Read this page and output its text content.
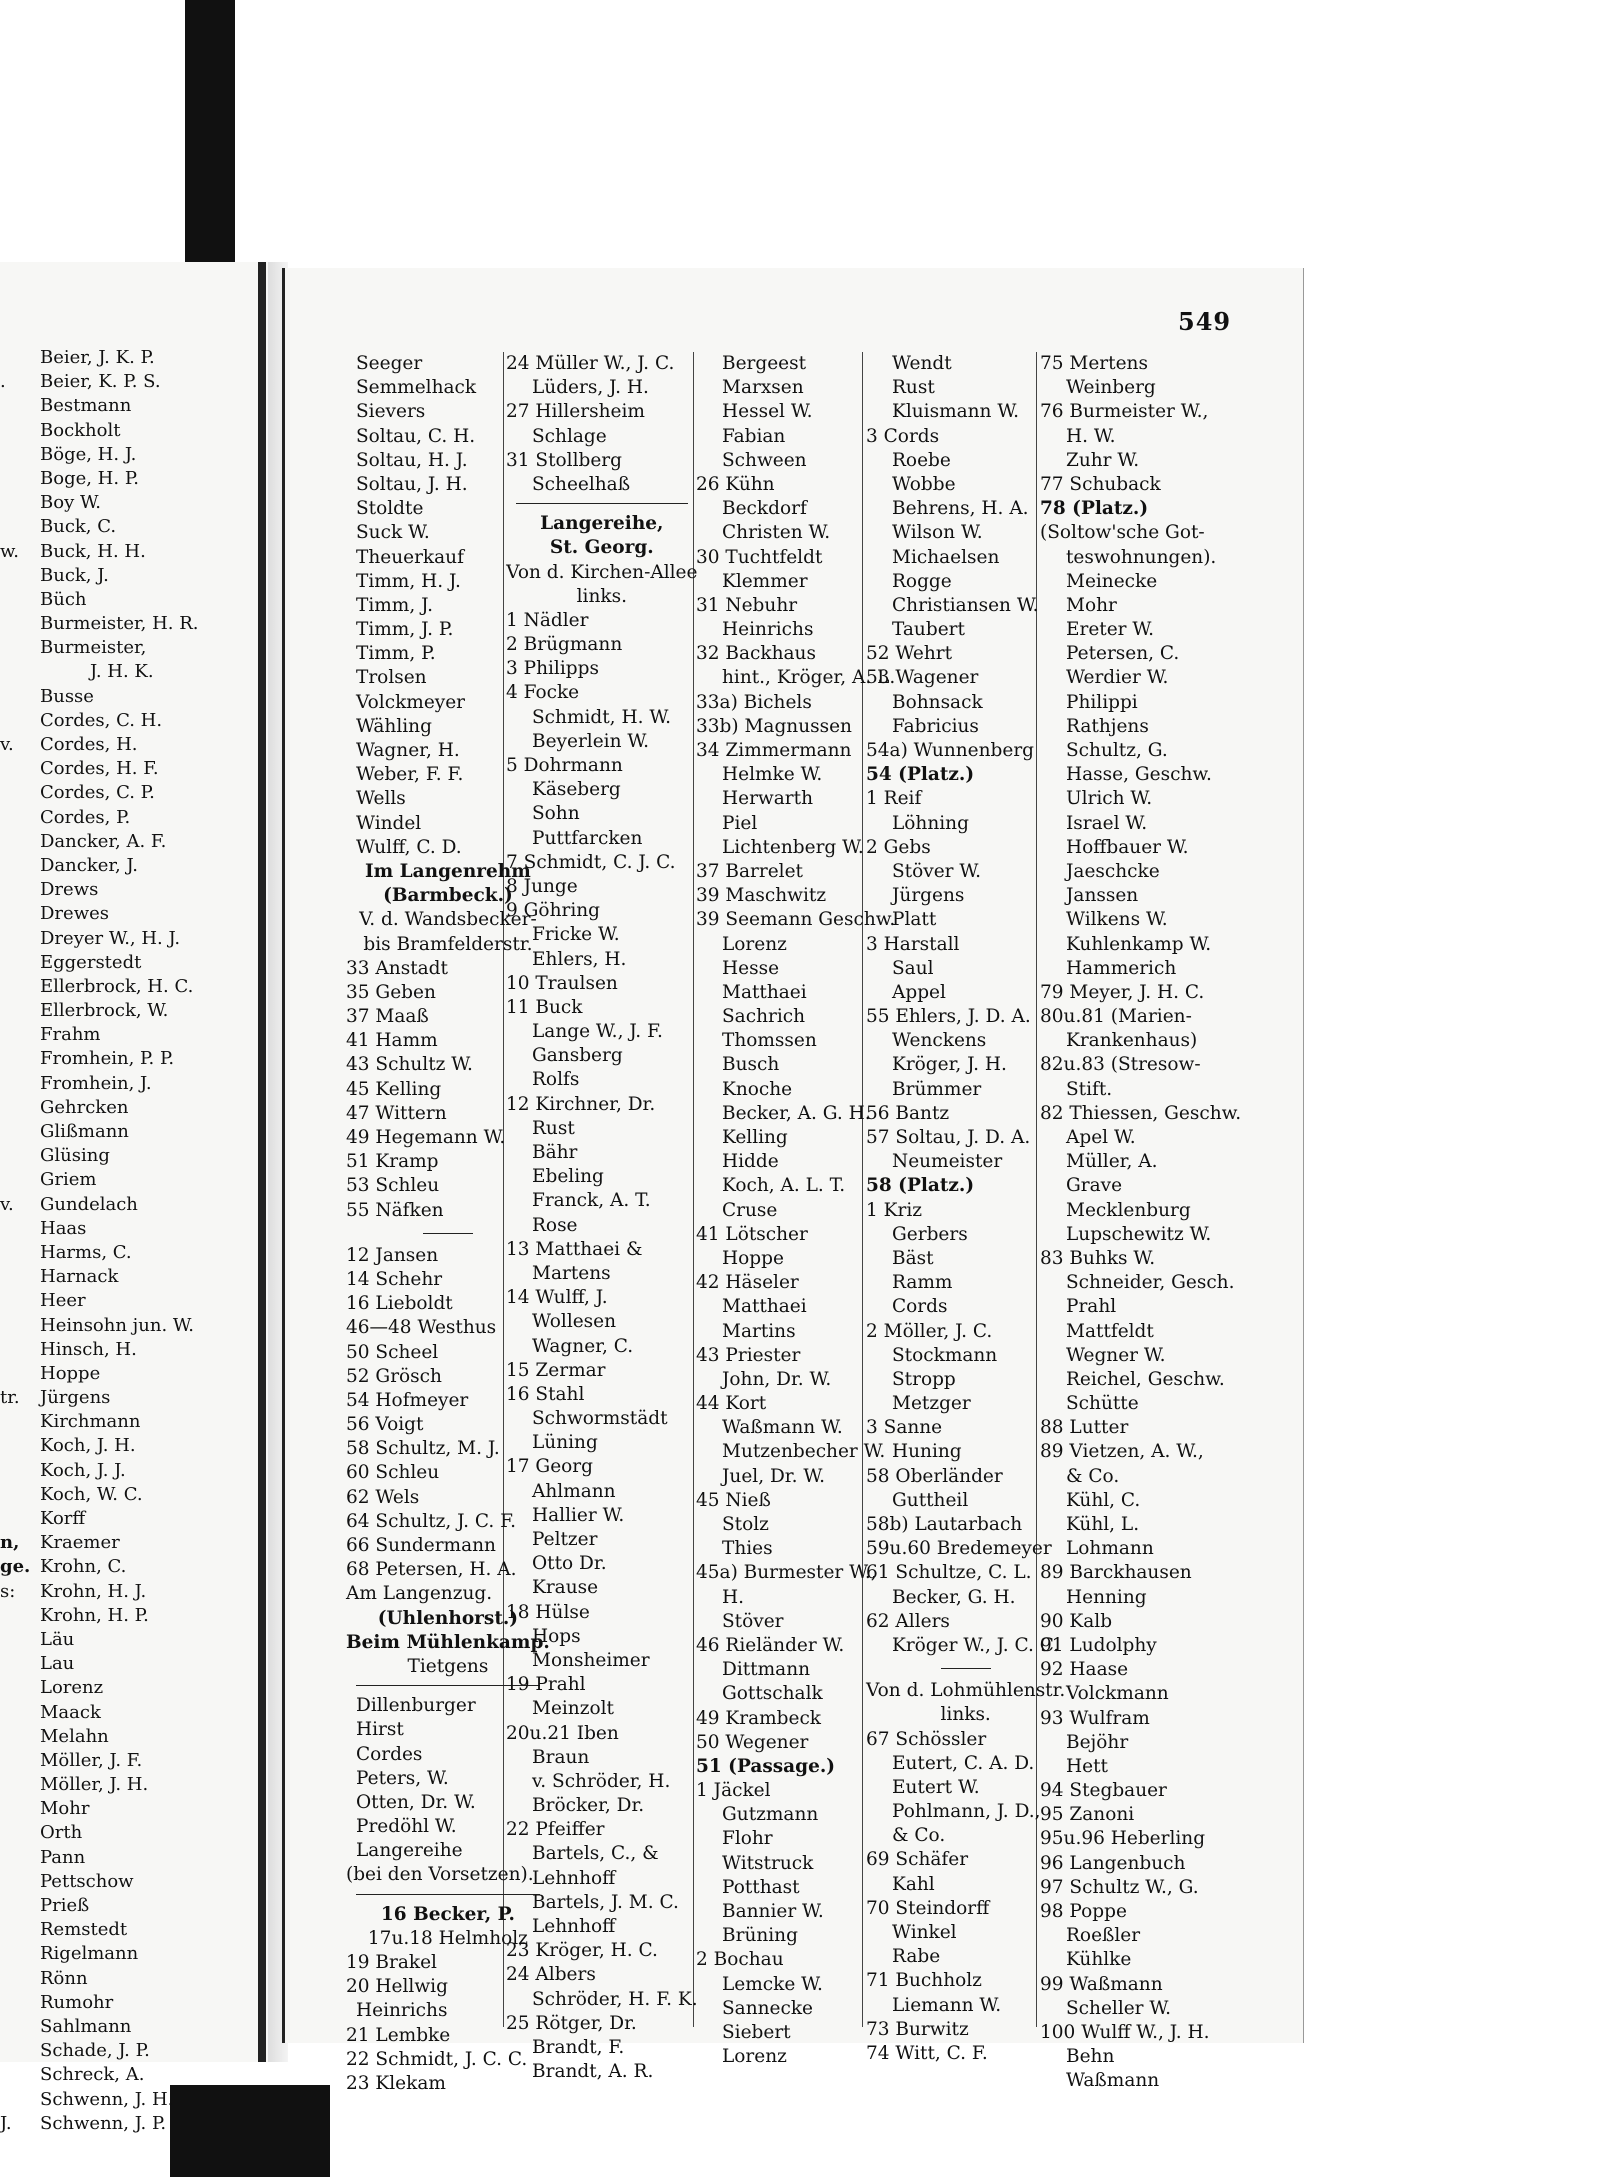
Beier, J. K. P.
Beier, K. P. S.
Bestmann
Bockholt
Böge, H. J.
Boge, H. P.
Boy W.
Buck, C.
Buck, H. H.
Buck, J.
Büch
Burmeister, H. R.
Burmeister,
J. H. K.
Busse
Cordes, C. H.
Cordes, H.
Cordes, H. F.
Cordes, C. P.
Cordes, P.
Dancker, A. F.
Dancker, J.
Drews
Drewes
Dreyer W., H. J.
Eggerstedt
Ellerbrock, H. C.
Ellerbrock, W.
Frahm
Fromhein, P. P.
Fromhein, J.
Gehrcken
Glißmann
Glüsing
Griem
Gundelach
Haas
Harms, C.
Harnack
Heer
Heinsohn jun. W.
Hinsch, H.
Hoppe
Jürgens
Kirchmann
Koch, J. H.
Koch, J. J.
Koch, W. C.
Korff
Kraemer
Krohn, C.
Krohn, H. J.
Krohn, H. P.
Läu
Lau
Lorenz
Maack
Melahn
Möller, J. F.
Möller, J. H.
Mohr
Orth
Pann
Pettschow
Prieß
Remstedt
Rigelmann
Rönn
Rumohr
Sahlmann
Schade, J. P.
Schreck, A.
Schwenn, J. H.
Schwenn, J. P.
.
w.
v.
v.
tr.
n,
ge.
s:
J.
549
Seeger
Semmelhack
Sievers
Soltau, C. H.
Soltau, H. J.
Soltau, J. H.
Stoldte
Suck W.
Theuerkauf
Timm, H. J.
Timm, J.
Timm, J. P.
Timm, P.
Trolsen
Volckmeyer
Wähling
Wagner, H.
Weber, F. F.
Wells
Windel
Wulff, C. D.
Im Langenrehm
(Barmbeck.)
V. d. Wandsbecker-
bis Bramfelderstr.
33 Anstadt
35 Geben
37 Maaß
41 Hamm
43 Schultz W.
45 Kelling
47 Wittern
49 Hegemann W.
51 Kramp
53 Schleu
55 Näfken
12 Jansen
14 Schehr
16 Lieboldt
46—48 Westhus
50 Scheel
52 Grösch
54 Hofmeyer
56 Voigt
58 Schultz, M. J.
60 Schleu
62 Wels
64 Schultz, J. C. F.
66 Sundermann
68 Petersen, H. A.
Am Langenzug.
(Uhlenhorst.)
Beim Mühlenkamp.
Tietgens
Dillenburger
Hirst
Cordes
Peters, W.
Otten, Dr. W.
Predöhl W.
Langereihe
(bei den Vorsetzen).
16 Becker, P.
17u.18 Helmholz
19 Brakel
20 Hellwig
Heinrichs
21 Lembke
22 Schmidt, J. C. C.
23 Klekam
24 Müller W., J. C.
Lüders, J. H.
27 Hillersheim
Schlage
31 Stollberg
Scheelhaß
Langereihe,
St. Georg.
Von d. Kirchen-Allee
links.
1 Nädler
2 Brügmann
3 Philipps
4 Focke
Schmidt, H. W.
Beyerlein W.
5 Dohrmann
Käseberg
Sohn
Puttfarcken
7 Schmidt, C. J. C.
8 Junge
9 Göhring
Fricke W.
Ehlers, H.
10 Traulsen
11 Buck
Lange W., J. F.
Gansberg
Rolfs
12 Kirchner, Dr.
Rust
Bähr
Ebeling
Franck, A. T.
Rose
13 Matthaei &
Martens
14 Wulff, J.
Wollesen
Wagner, C.
15 Zermar
16 Stahl
Schwormstädt
Lüning
17 Georg
Ahlmann
Hallier W.
Peltzer
Otto Dr.
Krause
18 Hülse
Hops
Monsheimer
19 Prahl
Meinzolt
20u.21 Iben
Braun
v. Schröder, H.
Bröcker, Dr.
22 Pfeiffer
Bartels, C., &
Lehnhoff
Bartels, J. M. C.
Lehnhoff
23 Kröger, H. C.
24 Albers
Schröder, H. F. K.
25 Rötger, Dr.
Brandt, F.
Brandt, A. R.
Bergeest
Marxsen
Hessel W.
Fabian
Schween
26 Kühn
Beckdorf
Christen W.
30 Tuchtfeldt
Klemmer
31 Nebuhr
Heinrichs
32 Backhaus
hint., Kröger, A. L.
33a) Bichels
33b) Magnussen
34 Zimmermann
Helmke W.
Herwarth
Piel
Lichtenberg W.
37 Barrelet
39 Maschwitz
39 Seemann Geschw.
Lorenz
Hesse
Matthaei
Sachrich
Thomssen
Busch
Knoche
Becker, A. G. H.
Kelling
Hidde
Koch, A. L. T.
Cruse
41 Lötscher
Hoppe
42 Häseler
Matthaei
Martins
43 Priester
John, Dr. W.
44 Kort
Waßmann W.
Mutzenbecher W.
Juel, Dr. W.
45 Nieß
Stolz
Thies
45a) Burmester W.,
H.
Stöver
46 Rieländer W.
Dittmann
Gottschalk
49 Krambeck
50 Wegener
51 (Passage.)
1 Jäckel
Gutzmann
Flohr
Witstruck
Potthast
Bannier W.
Brüning
2 Bochau
Lemcke W.
Sannecke
Siebert
Lorenz
Wendt
Rust
Kluismann W.
3 Cords
Roebe
Wobbe
Behrens, H. A.
Wilson W.
Michaelsen
Rogge
Christiansen W.
Taubert
52 Wehrt
53 Wagener
Bohnsack
Fabricius
54a) Wunnenberg
54 (Platz.)
1 Reif
Löhning
2 Gebs
Stöver W.
Jürgens
Platt
3 Harstall
Saul
Appel
55 Ehlers, J. D. A.
Wenckens
Kröger, J. H.
Brümmer
56 Bantz
57 Soltau, J. D. A.
Neumeister
58 (Platz.)
1 Kriz
Gerbers
Bäst
Ramm
Cords
2 Möller, J. C.
Stockmann
Stropp
Metzger
3 Sanne
Huning
58 Oberländer
Guttheil
58b) Lautarbach
59u.60 Bredemeyer
61 Schultze, C. L.
Becker, G. H.
62 Allers
Kröger W., J. C. C.
Von d. Lohmühlenstr.
links.
67 Schössler
Eutert, C. A. D.
Eutert W.
Pohlmann, J. D.,
& Co.
69 Schäfer
Kahl
70 Steindorff
Winkel
Rabe
71 Buchholz
Liemann W.
73 Burwitz
74 Witt, C. F.
75 Mertens
Weinberg
76 Burmeister W.,
H. W.
Zuhr W.
77 Schuback
78 (Platz.)
(Soltow'sche Got-
teswohnungen).
Meinecke
Mohr
Ereter W.
Petersen, C.
Werdier W.
Philippi
Rathjens
Schultz, G.
Hasse, Geschw.
Ulrich W.
Israel W.
Hoffbauer W.
Jaeschcke
Janssen
Wilkens W.
Kuhlenkamp W.
Hammerich
79 Meyer, J. H. C.
80u.81 (Marien-
Krankenhaus)
82u.83 (Stresow-
Stift.
82 Thiessen, Geschw.
Apel W.
Müller, A.
Grave
Mecklenburg
Lupschewitz W.
83 Buhks W.
Schneider, Gesch.
Prahl
Mattfeldt
Wegner W.
Reichel, Geschw.
Schütte
88 Lutter
89 Vietzen, A. W.,
& Co.
Kühl, C.
Kühl, L.
Lohmann
89 Barckhausen
Henning
90 Kalb
91 Ludolphy
92 Haase
Volckmann
93 Wulfram
Bejöhr
Hett
94 Stegbauer
95 Zanoni
95u.96 Heberling
96 Langenbuch
97 Schultz W., G.
98 Poppe
Roeßler
Kühlke
99 Waßmann
Scheller W.
100 Wulff W., J. H.
Behn
Waßmann
